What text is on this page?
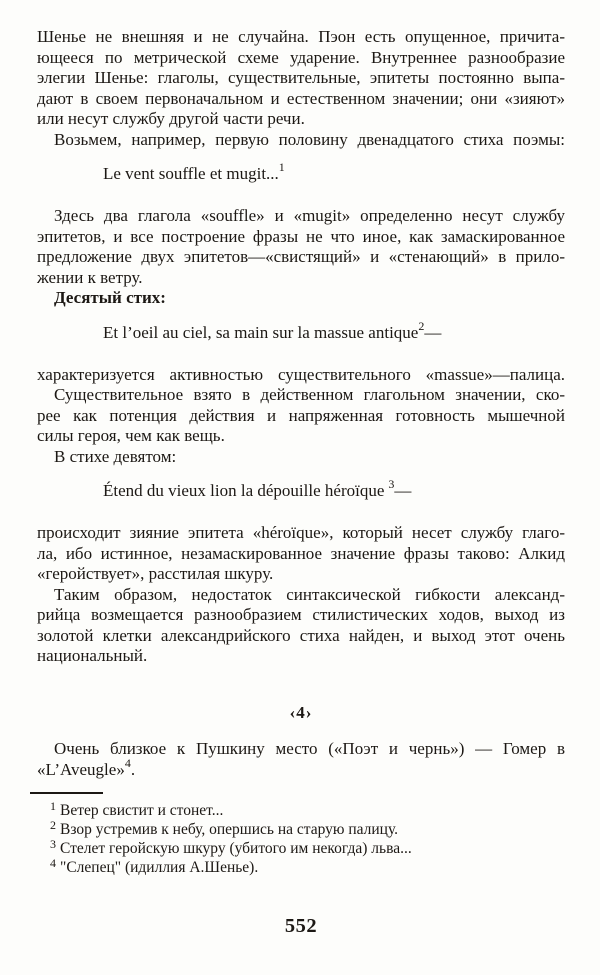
Шенье не внешняя и не случайна. Пэон есть опущенное, причита-
ющееся по метрической схеме ударение. Внутреннее разнообразие
элегии Шенье: глаголы, существительные, эпитеты постоянно выпа-
дают в своем первоначальном и естественном значении; они «зияют»
или несут службу другой части речи.
Возьмем, например, первую половину двенадцатого стиха поэмы:
Le vent souffle et mugit...$^1$
Здесь два глагола «souffle» и «mugit» определенно несут службу
эпитетов, и все построение фразы не что иное, как замаскированное
предложение двух эпитетов—«свистящий» и «стенающий» в прило-
жении к ветру.
Десятый стих:
Et l’oeil au ciel, sa main sur la massue antique$^2$—
характеризуется активностью существительного «massue»—палица.
Существительное взято в действенном глагольном значении, ско-
рее как потенция действия и напряженная готовность мышечной
силы героя, чем как вещь.
В стихе девятом:
Étend du vieux lion la dépouille héroïque $^3$—
происходит зияние эпитета «héroïque», который несет службу глаго-
ла, ибо истинное, незамаскированное значение фразы таково: Алкид
«геройствует», расстилая шкуру.
Таким образом, недостаток синтаксической гибкости александ-
рийца возмещается разнообразием стилистических ходов, выход из
золотой клетки александрийского стиха найден, и выход этот очень
национальный.
‹4›
Очень близкое к Пушкину место («Поэт и чернь») — Гомер в
«L’Aveugle»$^4$.
1 Ветер свистит и стонет...
2 Взор устремив к небу, опершись на старую палицу.
3 Стелет геройскую шкуру (убитого им некогда) льва...
4 "Слепец" (идиллия А.Шенье).
552
